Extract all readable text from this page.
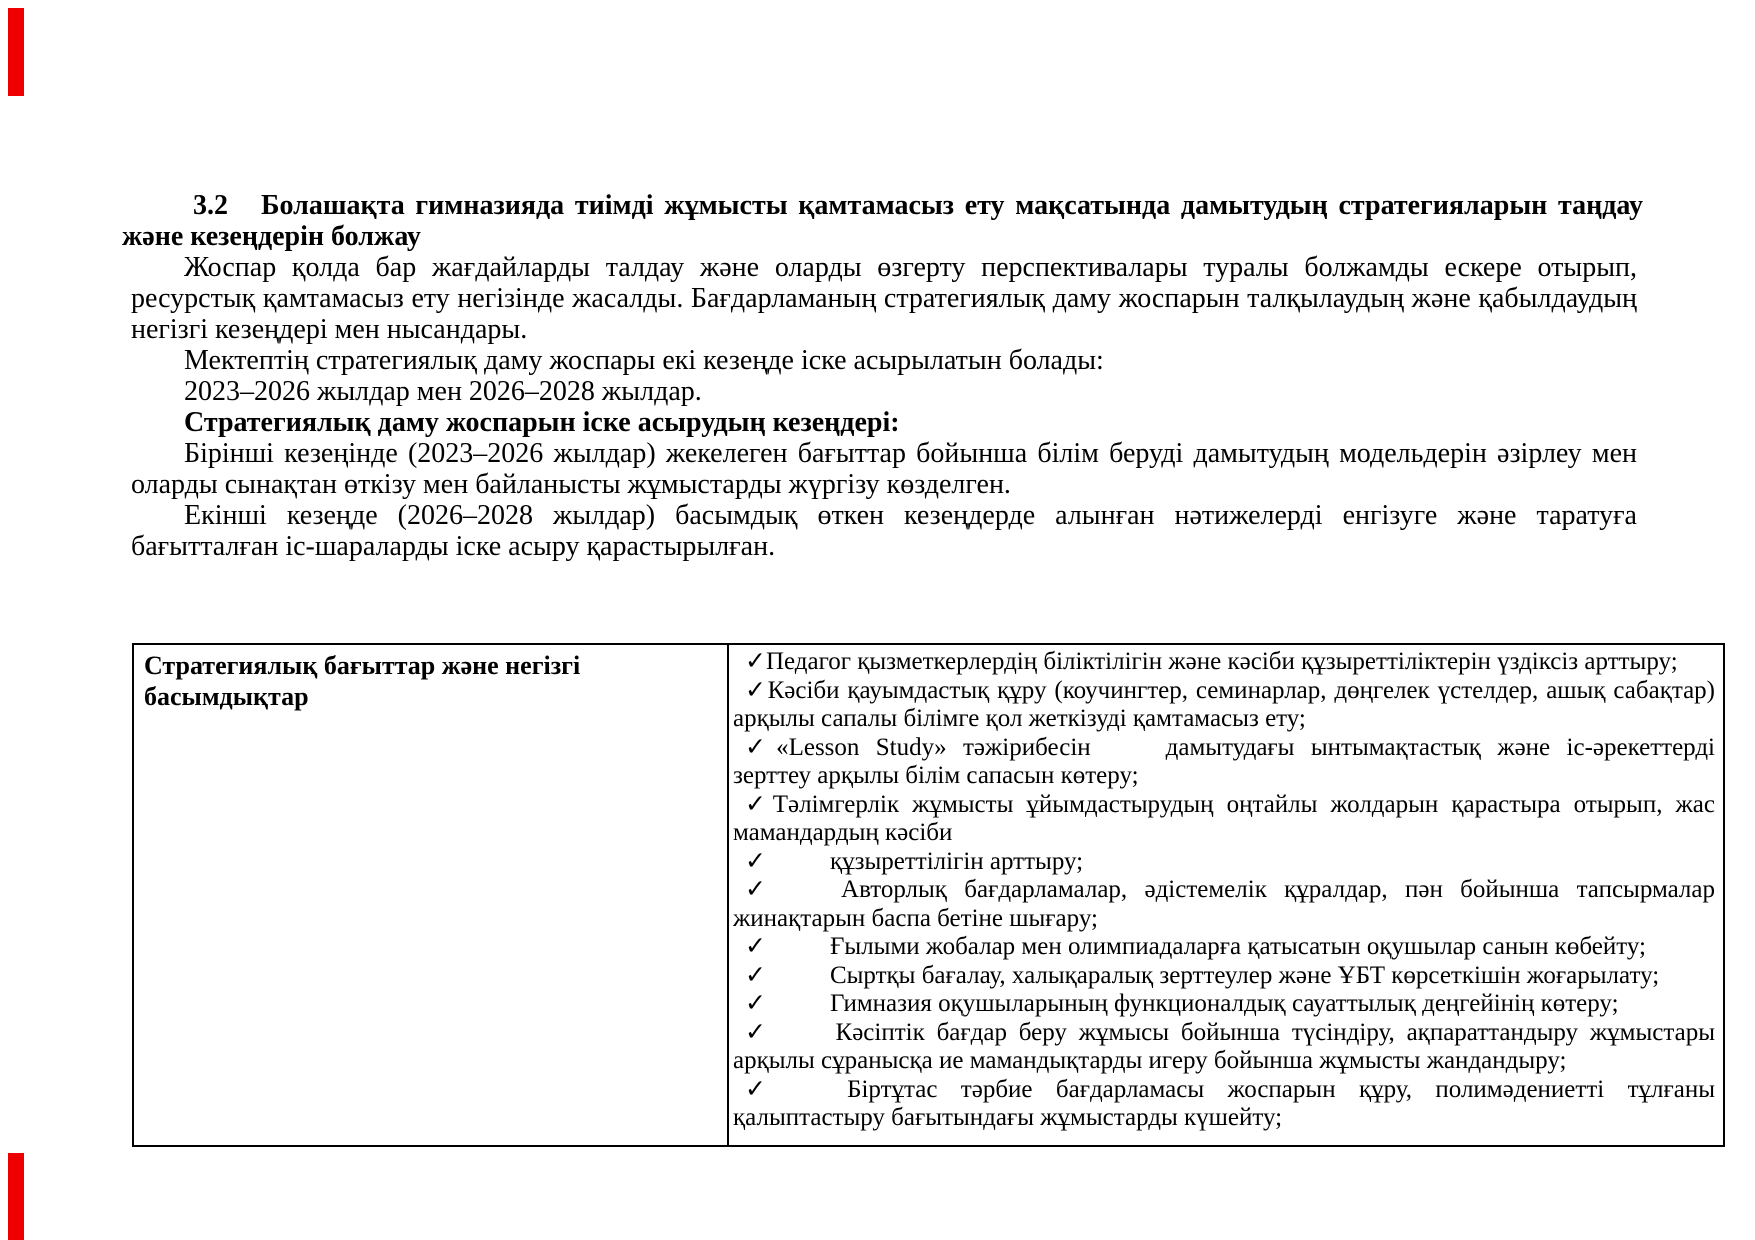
3.2 Болашақта гимназияда тиімді жұмысты қамтамасыз ету мақсатында дамытудың стратегияларын таңдау және кезеңдерін болжау

Жоспар қолда бар жағдайларды талдау және оларды өзгерту перспективалары туралы болжамды ескере отырып, ресурстық қамтамасыз ету негізінде жасалды. Бағдарламаның стратегиялық даму жоспарын талқылаудың және қабылдаудың негізгі кезеңдері мен нысандары.

Мектептің стратегиялық даму жоспары екі кезеңде іске асырылатын болады:

2023–2026 жылдар мен 2026–2028 жылдар.

Стратегиялық даму жоспарын іске асырудың кезеңдері:

Бірінші кезеңінде (2023–2026 жылдар) жекелеген бағыттар бойынша білім беруді дамытудың модельдерін әзірлеу мен оларды сынақтан өткізу мен байланысты жұмыстарды жүргізу көзделген.

Екінші кезеңде (2026–2028 жылдар) басымдық өткен кезеңдерде алынған нәтижелерді енгізуге және таратуға бағытталған іс-шараларды іске асыру қарастырылған.

Стратегиялық бағыттар және негізгі басымдықтар	
✓Педагог қызметкерлердің біліктілігін және кәсіби құзыреттіліктерін үздіксіз арттыру;
✓Кәсіби қауымдастық құру (коучингтер, семинарлар, дөңгелек үстелдер, ашық сабақтар) арқылы сапалы білімге қол жеткізуді қамтамасыз ету;
✓«Lesson Study» тәжірибесін   дамытудағы ынтымақтастық және іс-әрекеттерді зерттеу арқылы білім сапасын көтеру;
✓Тәлімгерлік жұмысты ұйымдастырудың оңтайлы жолдарын қарастыра отырып, жас мамандардың кәсіби
✓	құзыреттілігін арттыру;
✓	Авторлық бағдарламалар, әдістемелік құралдар, пән бойынша тапсырмалар жинақтарын баспа бетіне шығару;
✓	Ғылыми жобалар мен олимпиадаларға қатысатын оқушылар санын көбейту;
✓	Сыртқы бағалау, халықаралық зерттеулер және ҰБТ көрсеткішін жоғарылату;
✓	Гимназия оқушыларының функционалдық сауаттылық деңгейінің көтеру;
✓	Кәсіптік бағдар беру жұмысы бойынша түсіндіру, ақпараттандыру жұмыстары арқылы сұранысқа ие мамандықтарды игеру бойынша жұмысты жандандыру;
✓	Біртұтас тәрбие бағдарламасы жоспарын құру, полимәдениетті тұлғаны қалыптастыру бағытындағы жұмыстарды күшейту;
